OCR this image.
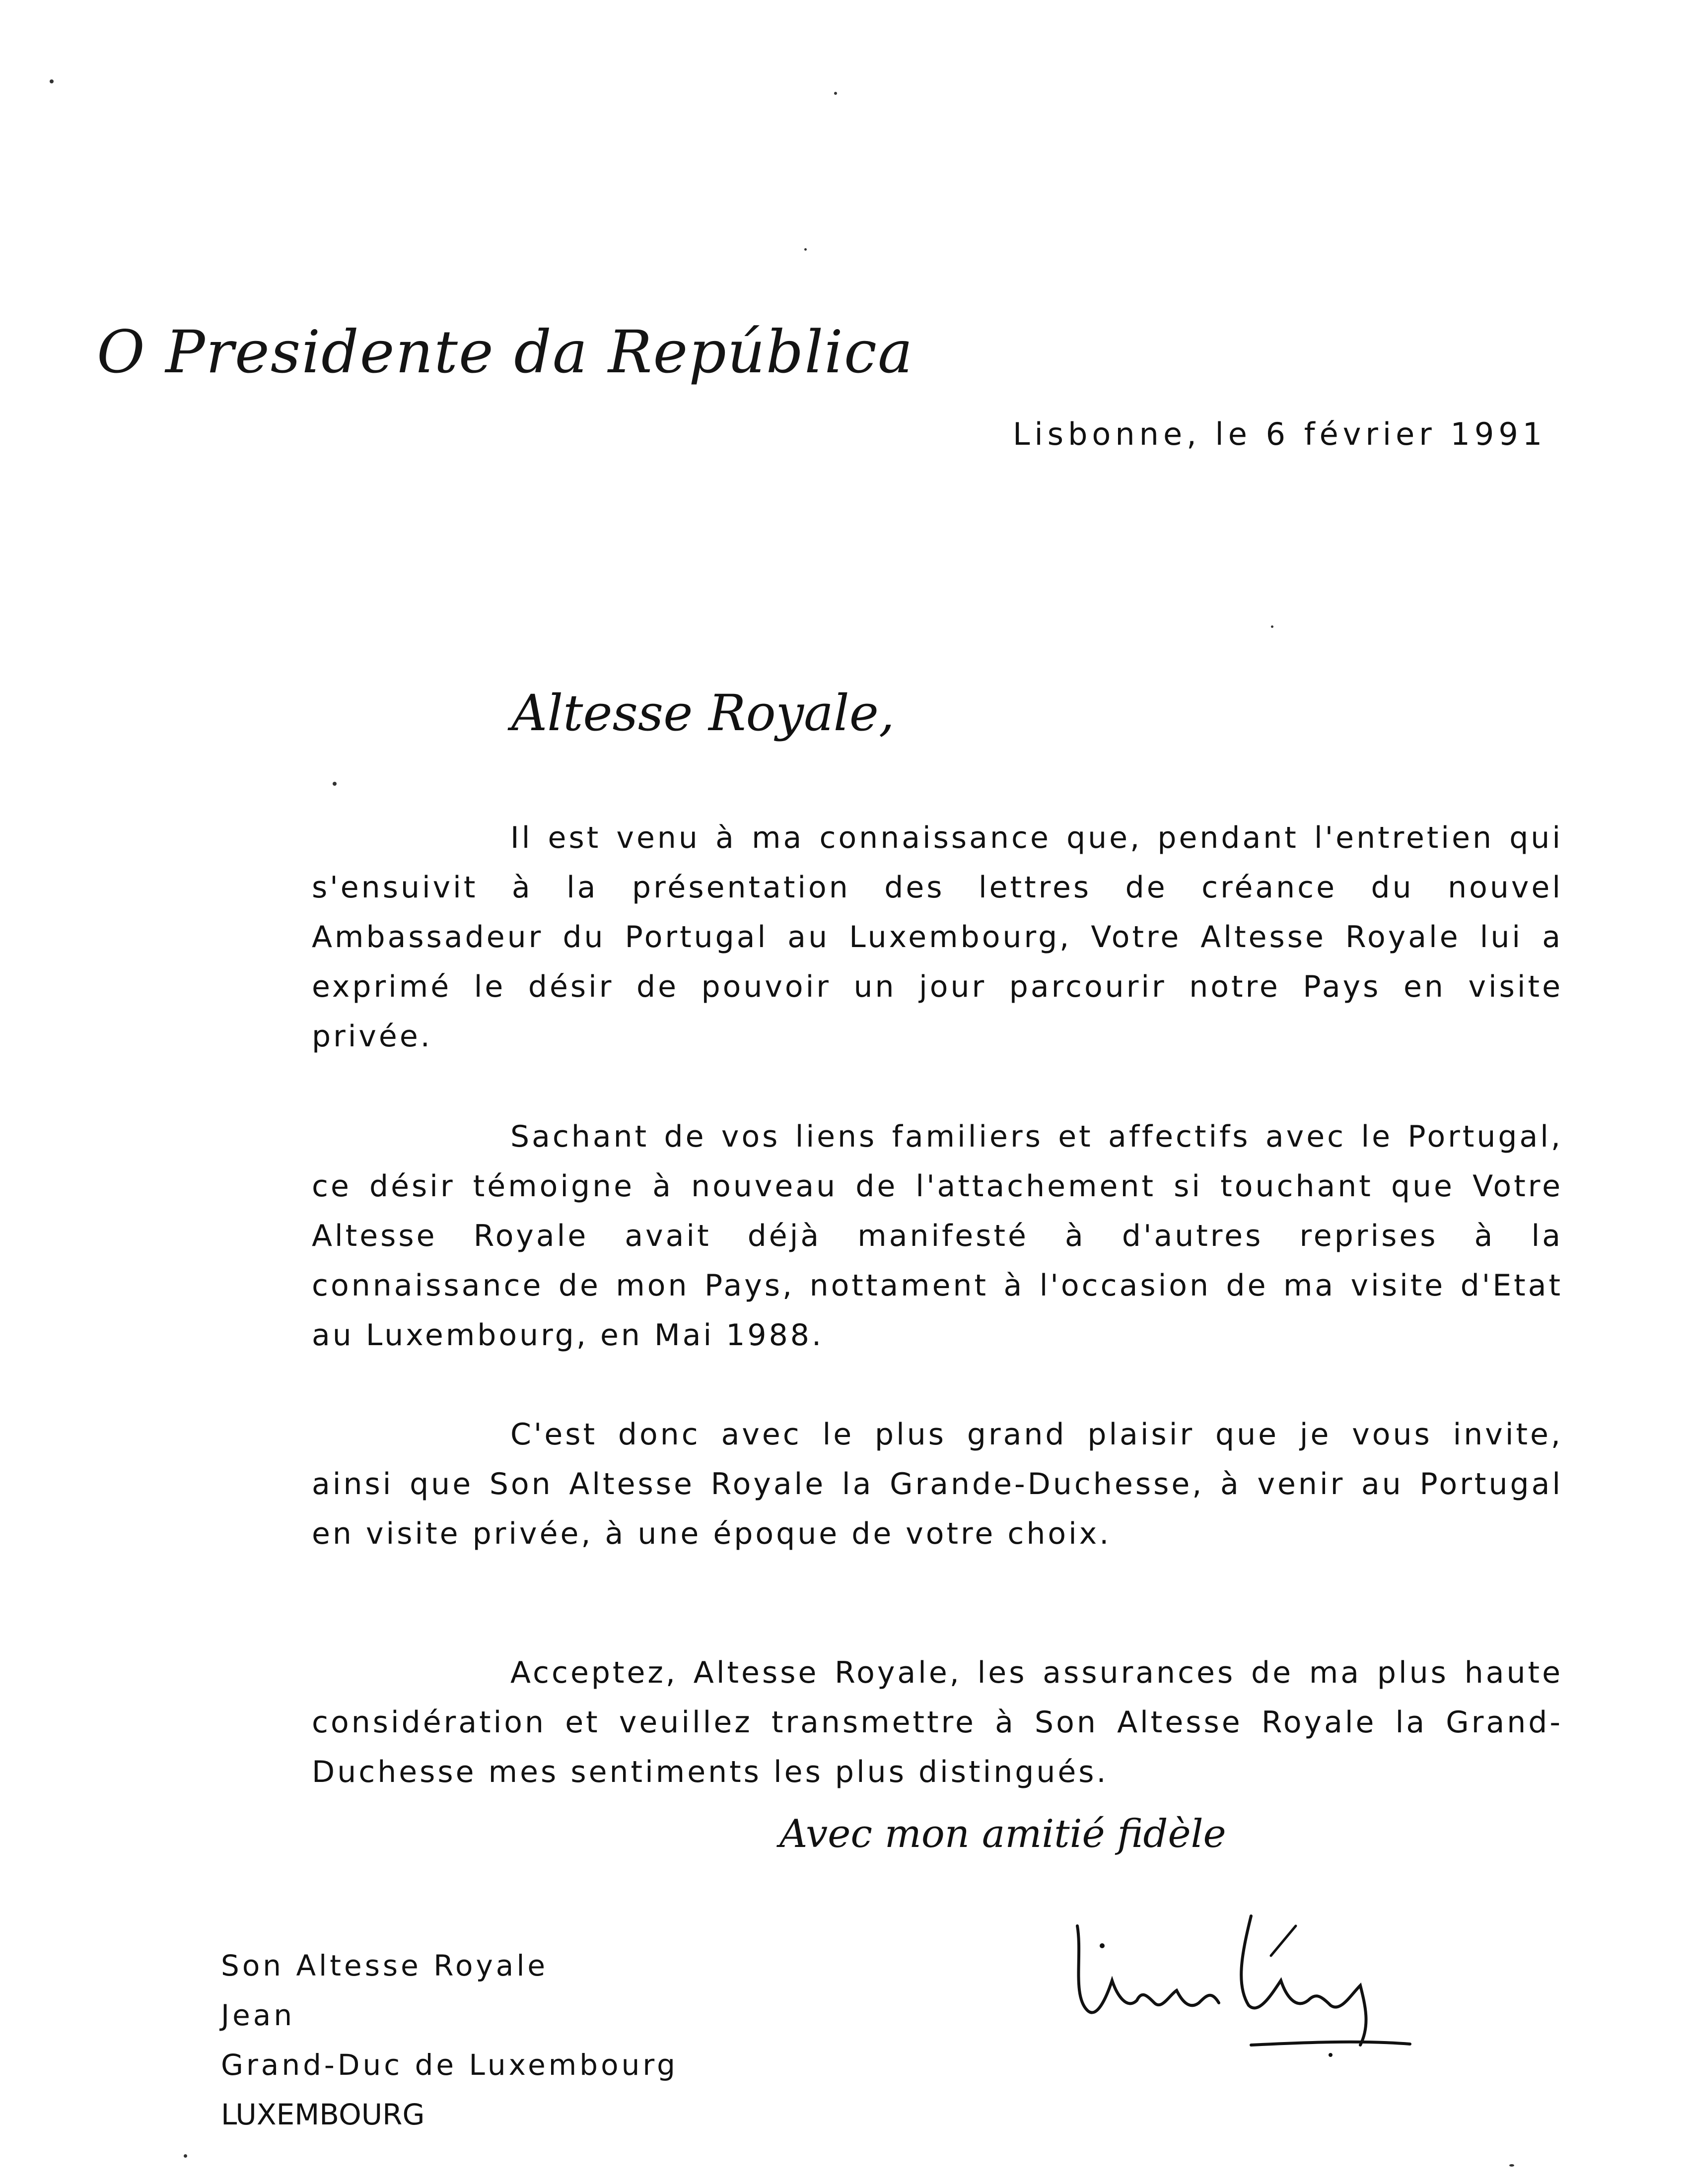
O Presidente da República
Lisbonne, le 6 février 1991
Altesse Royale,

Il est venu à ma connaissance que, pendant l'entretien qui s'ensuivit à la présentation des lettres de créance du nouvel Ambassadeur du Portugal au Luxembourg, Votre Altesse Royale lui a exprimé le désir de pouvoir un jour parcourir notre Pays en visite privée.

Sachant de vos liens familiers et affectifs avec le Portugal, ce désir témoigne à nouveau de l'attachement si touchant que Votre Altesse Royale avait déjà manifesté à d'autres reprises à la connaissance de mon Pays, nottament à l'occasion de ma visite d'Etat au Luxembourg, en Mai 1988.

C'est donc avec le plus grand plaisir que je vous invite, ainsi que Son Altesse Royale la Grande-Duchesse, à venir au Portugal en visite privée, à une époque de votre choix.

Acceptez, Altesse Royale, les assurances de ma plus haute considération et veuillez transmettre à Son Altesse Royale la Grand-Duchesse mes sentiments les plus distingués.

Avec mon amitié fidèle
Son Altesse Royale
Jean
Grand-Duc de Luxembourg
LUXEMBOURG
